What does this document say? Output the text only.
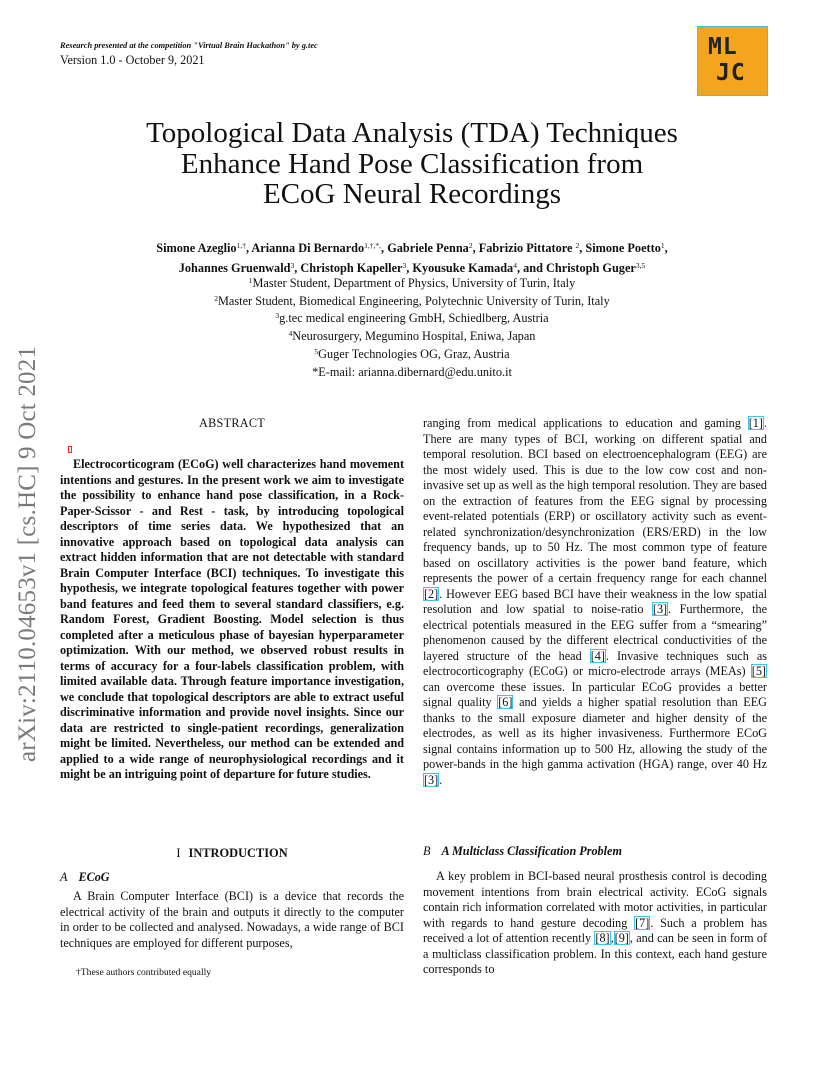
Research presented at the competition "Virtual Brain Hackathon" by g.tec
Version 1.0 - October 9, 2021	ML
JC
arXiv:2110.04653v1 [cs.HC] 9 Oct 2021
Topological Data Analysis (TDA) Techniques
Enhance Hand Pose Classification from
ECoG Neural Recordings
Simone Azeglio$^{1,\dagger}$, Arianna Di Bernardo$^{1,\dagger,*,}$, Gabriele Penna$^2$, Fabrizio Pittatore $^2$, Simone Poetto$^1$,
Johannes Gruenwald$^3$, Christoph Kapeller$^3$, Kyousuke Kamada$^4$, and Christoph Guger$^{3,5}$
$^1$Master Student, Department of Physics, University of Turin, Italy
$^2$Master Student, Biomedical Engineering, Polytechnic University of Turin, Italy
$^3$g.tec medical engineering GmbH, Schiedlberg, Austria
$^4$Neurosurgery, Megumino Hospital, Eniwa, Japan
$^5$Guger Technologies OG, Graz, Austria
*E-mail: arianna.dibernard@edu.unito.it
ABSTRACT
Electrocorticogram (ECoG) well characterizes hand movement intentions and gestures. In the present work we aim to investigate the possibility to enhance hand pose classification, in a Rock-Paper-Scissor - and Rest - task, by introducing topological descriptors of time series data. We hypothesized that an innovative approach based on topological data analysis can extract hidden information that are not detectable with standard Brain Computer Interface (BCI) techniques. To investigate this hypothesis, we integrate topological features together with power band features and feed them to several standard classifiers, e.g. Random Forest, Gradient Boosting. Model selection is thus completed after a meticulous phase of bayesian hyperparameter optimization. With our method, we observed robust results in terms of accuracy for a four-labels classification problem, with limited available data. Through feature importance investigation, we conclude that topological descriptors are able to extract useful discriminative information and provide novel insights. Since our data are restricted to single-patient recordings, generalization might be limited. Nevertheless, our method can be extended and applied to a wide range of neurophysiological recordings and it might be an intriguing point of departure for future studies.
I INTRODUCTION
A ECoG
A Brain Computer Interface (BCI) is a device that records the electrical activity of the brain and outputs it directly to the computer in order to be collected and analysed. Nowadays, a wide range of BCI techniques are employed for different purposes,
†These authors contributed equally
ranging from medical applications to education and gaming [1]. There are many types of BCI, working on different spatial and temporal resolution. BCI based on electroencephalogram (EEG) are the most widely used. This is due to the low cow cost and non-invasive set up as well as the high temporal resolution. They are based on the extraction of features from the EEG signal by processing event-related potentials (ERP) or oscillatory activity such as event-related synchronization/desynchronization (ERS/ERD) in the low frequency bands, up to 50 Hz. The most common type of feature based on oscillatory activities is the power band feature, which represents the power of a certain frequency range for each channel [2]. However EEG based BCI have their weakness in the low spatial resolution and low spatial to noise-ratio [3]. Furthermore, the electrical potentials measured in the EEG suffer from a “smearing” phenomenon caused by the different electrical conductivities of the layered structure of the head [4]. Invasive techniques such as electrocorticography (ECoG) or micro-electrode arrays (MEAs) [5] can overcome these issues. In particular ECoG provides a better signal quality [6] and yields a higher spatial resolution than EEG thanks to the small exposure diameter and higher density of the electrodes, as well as its higher invasiveness. Furthermore ECoG signal contains information up to 500 Hz, allowing the study of the power-bands in the high gamma activation (HGA) range, over 40 Hz [3].
B A Multiclass Classification Problem
A key problem in BCI-based neural prosthesis control is decoding movement intentions from brain electrical activity. ECoG signals contain rich information correlated with motor activities, in particular with regards to hand gesture decoding [7]. Such a problem has received a lot of attention recently [8],[9], and can be seen in form of a multiclass classification problem. In this context, each hand gesture corresponds to
